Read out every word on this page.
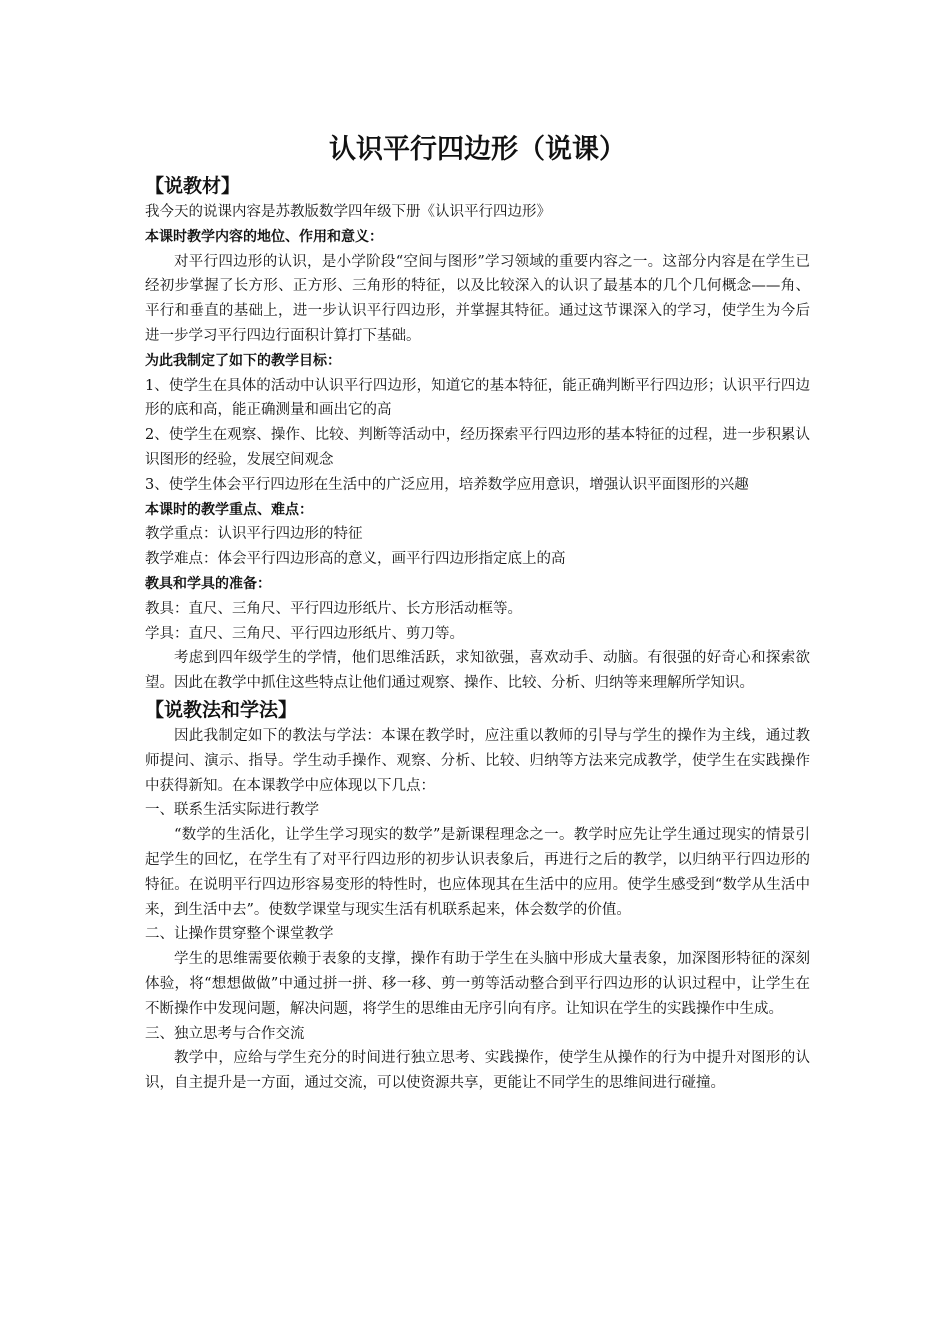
认识平行四边形（说课）
【说教材】

我今天的说课内容是苏教版数学四年级下册《认识平行四边形》

本课时教学内容的地位、作用和意义：

对平行四边形的认识，是小学阶段“空间与图形”学习领域的重要内容之一。这部分内容是在学生已经初步掌握了长方形、正方形、三角形的特征，以及比较深入的认识了最基本的几个几何概念——角、平行和垂直的基础上，进一步认识平行四边形，并掌握其特征。通过这节课深入的学习，使学生为今后进一步学习平行四边行面积计算打下基础。

为此我制定了如下的教学目标：

1、使学生在具体的活动中认识平行四边形，知道它的基本特征，能正确判断平行四边形；认识平行四边形的底和高，能正确测量和画出它的高

2、使学生在观察、操作、比较、判断等活动中，经历探索平行四边形的基本特征的过程，进一步积累认识图形的经验，发展空间观念

3、使学生体会平行四边形在生活中的广泛应用，培养数学应用意识，增强认识平面图形的兴趣

本课时的教学重点、难点：

教学重点：认识平行四边形的特征

教学难点：体会平行四边形高的意义，画平行四边形指定底上的高

教具和学具的准备：

教具：直尺、三角尺、平行四边形纸片、长方形活动框等。

学具：直尺、三角尺、平行四边形纸片、剪刀等。

考虑到四年级学生的学情，他们思维活跃，求知欲强，喜欢动手、动脑。有很强的好奇心和探索欲望。因此在教学中抓住这些特点让他们通过观察、操作、比较、分析、归纳等来理解所学知识。

【说教法和学法】

因此我制定如下的教法与学法：本课在教学时，应注重以教师的引导与学生的操作为主线，通过教师提问、演示、指导。学生动手操作、观察、分析、比较、归纳等方法来完成教学，使学生在实践操作中获得新知。在本课教学中应体现以下几点：

一、联系生活实际进行教学

“数学的生活化，让学生学习现实的数学”是新课程理念之一。教学时应先让学生通过现实的情景引起学生的回忆，在学生有了对平行四边形的初步认识表象后，再进行之后的教学，以归纳平行四边形的特征。在说明平行四边形容易变形的特性时，也应体现其在生活中的应用。使学生感受到“数学从生活中来，到生活中去”。使数学课堂与现实生活有机联系起来，体会数学的价值。

二、让操作贯穿整个课堂教学

学生的思维需要依赖于表象的支撑，操作有助于学生在头脑中形成大量表象，加深图形特征的深刻体验，将“想想做做”中通过拼一拼、移一移、剪一剪等活动整合到平行四边形的认识过程中，让学生在不断操作中发现问题，解决问题，将学生的思维由无序引向有序。让知识在学生的实践操作中生成。

三、独立思考与合作交流

教学中，应给与学生充分的时间进行独立思考、实践操作，使学生从操作的行为中提升对图形的认识，自主提升是一方面，通过交流，可以使资源共享，更能让不同学生的思维间进行碰撞。
